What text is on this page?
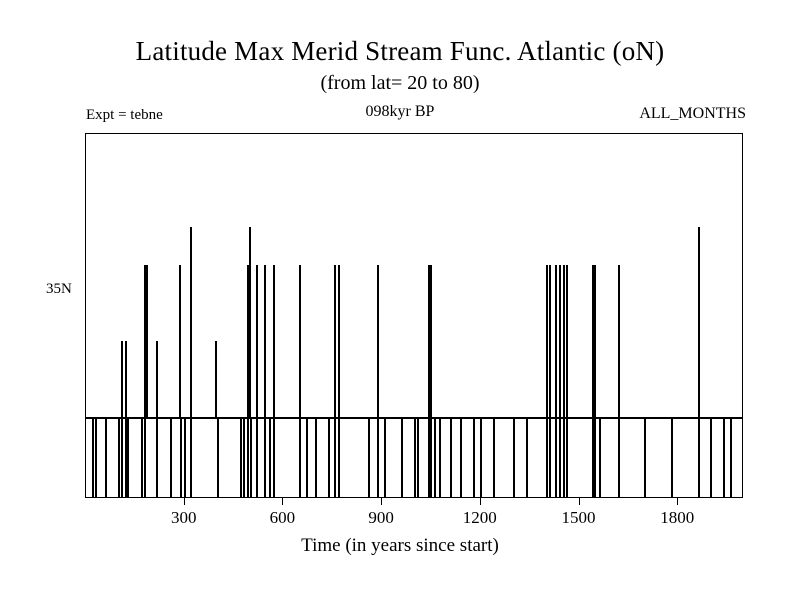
Latitude Max Merid Stream Func. Atlantic (oN)
(from lat= 20 to 80)
Expt = tebne	098kyr BP	ALL_MONTHS
35N
300	600	900	1200	1500	1800
Time (in years since start)
